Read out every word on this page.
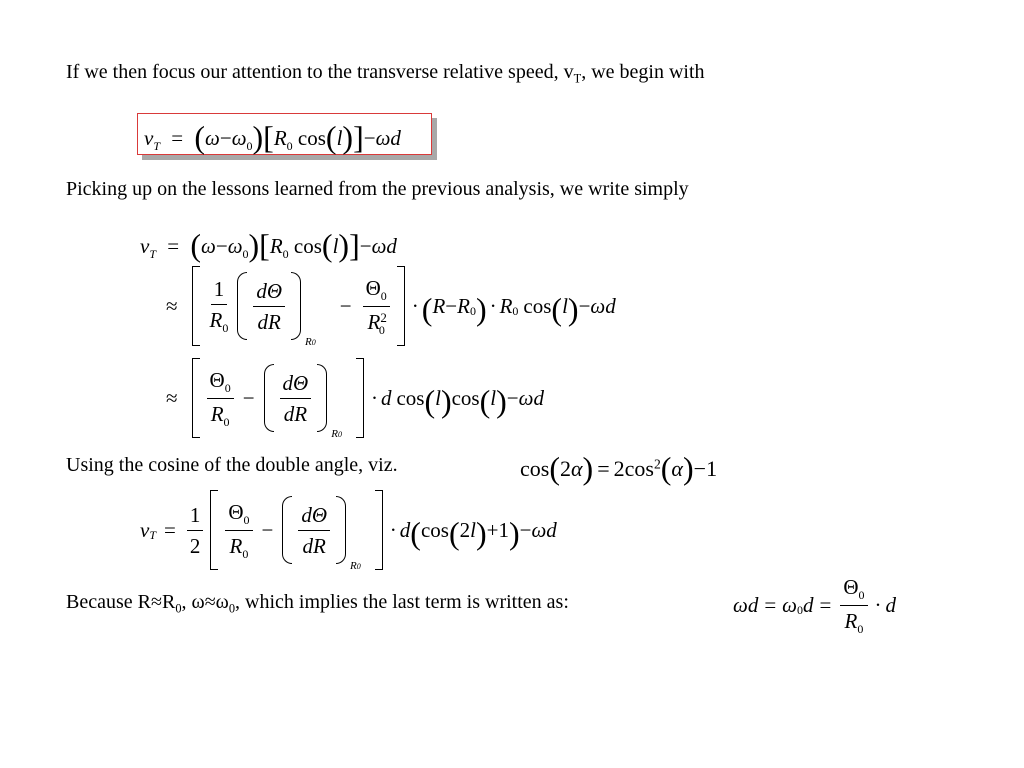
If we then focus our attention to the transverse relative speed, $v_T$, we begin with

$v_T = (\omega-\omega_0)[R_0$ cos(l)]−ωd

Picking up on the lessons learned from the previous analysis, we write simply

$v_T = (\omega-\omega_0)[R_0$ cos(l)]−ωd
≈ $\frac{1}{R_0} \frac{d\Theta}{dR}$
R0
− $\frac{\Theta_0}{R^2_0}$ · ( R − R 0 ) · R 0 cos ( l ) − ω d
≈ $\frac{\Theta_0}{R_0} - \frac{d\Theta}{dR}$
R0
· d cos ( l ) cos ( l ) − ω d

Using the cosine of the double angle, viz.	$\cos(2\alpha) = 2\cos^2(\alpha)-1$
v $T = \frac{1}{2} \frac{\Theta_0}{R_0} - \frac{d\Theta}{dR}$
R0
· d ( cos ( 2 l ) + 1 ) − ω d

Because $R\approx R_0$, $\omega\approx\omega_0$, which implies the last term is written as:	ω d = ω 0 $d = \frac{\Theta_0}{R_0} \cdot d$
